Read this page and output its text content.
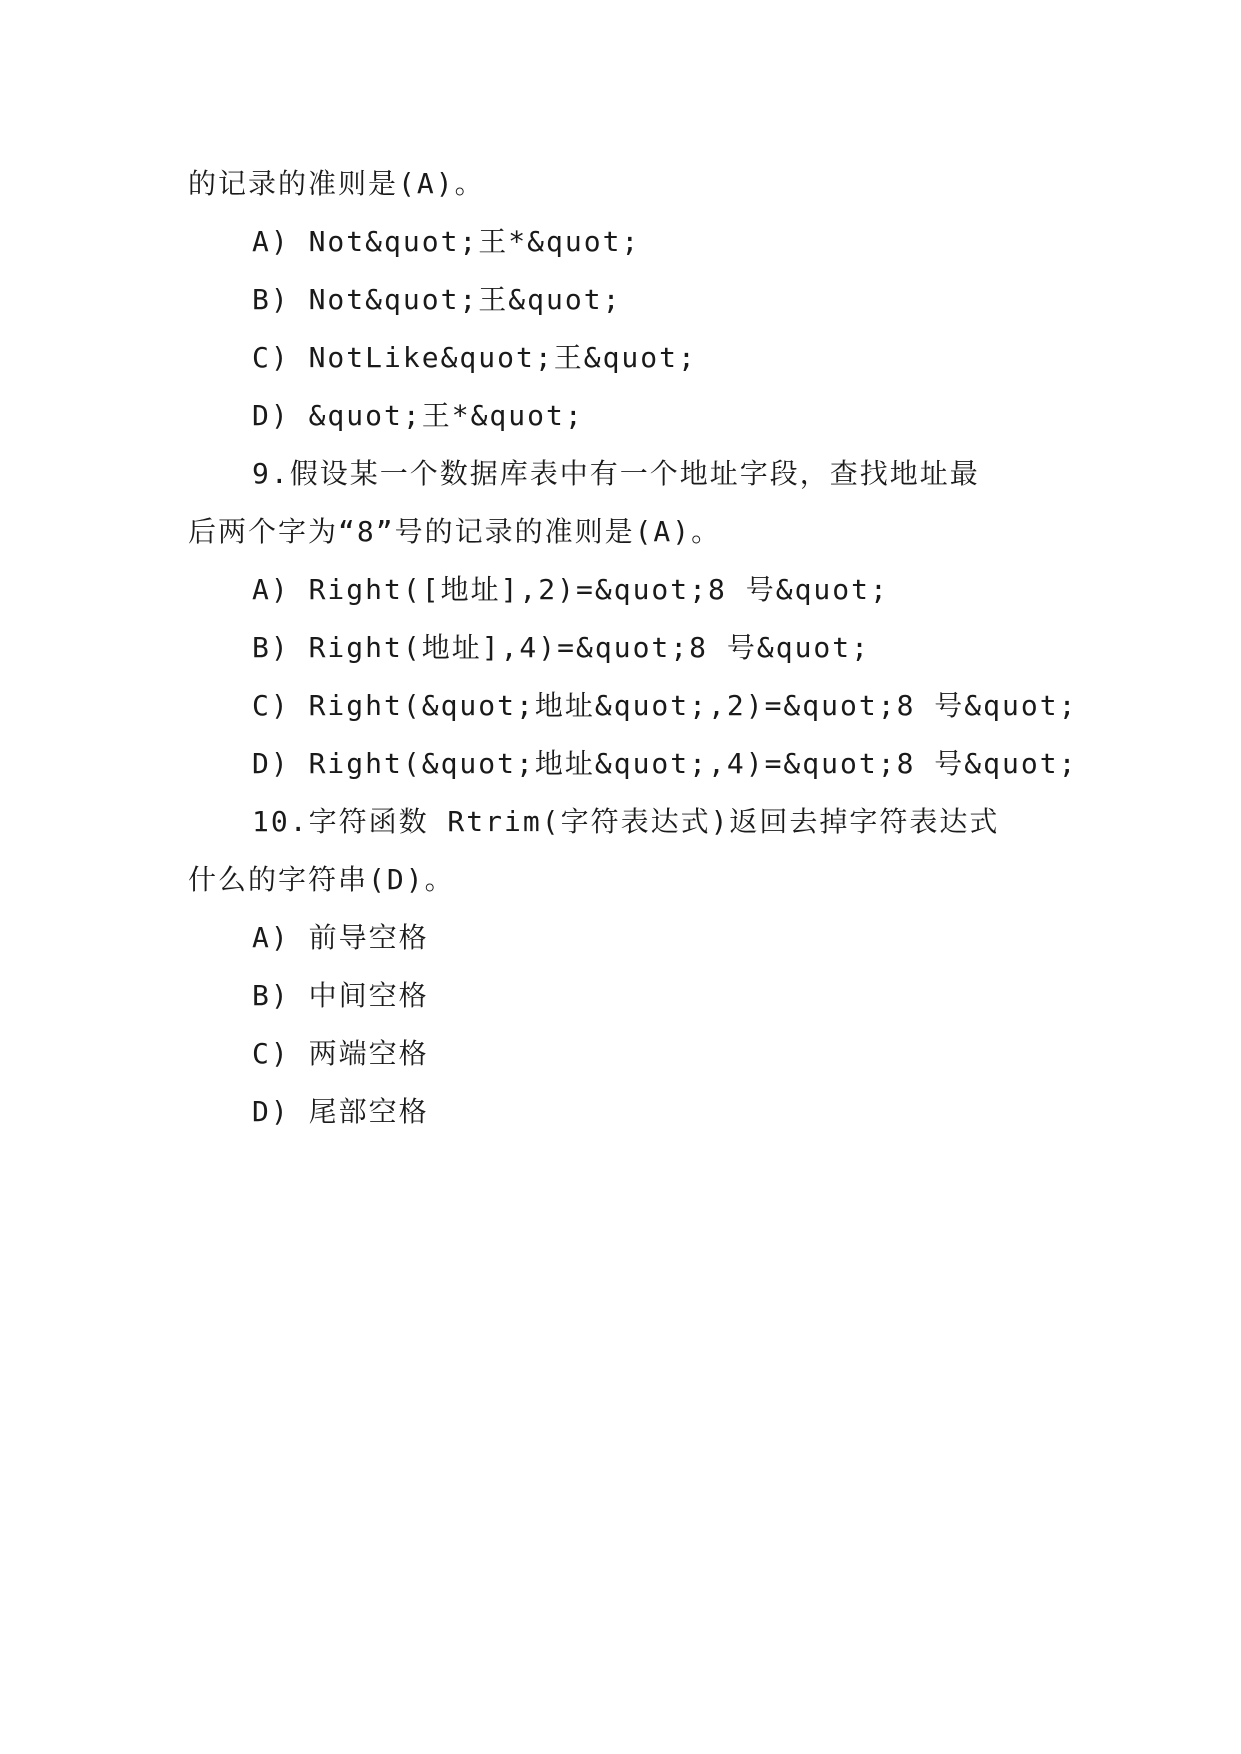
的记录的准则是(A)。
A) Not&quot;王*&quot;
B) Not&quot;王&quot;
C) NotLike&quot;王&quot;
D) &quot;王*&quot;
9.假设某一个数据库表中有一个地址字段，查找地址最
后两个字为“8”号的记录的准则是(A)。
A) Right([地址],2)=&quot;8 号&quot;
B) Right(地址],4)=&quot;8 号&quot;
C) Right(&quot;地址&quot;,2)=&quot;8 号&quot;
D) Right(&quot;地址&quot;,4)=&quot;8 号&quot;
10.字符函数 Rtrim(字符表达式)返回去掉字符表达式
什么的字符串(D)。
A) 前导空格
B) 中间空格
C) 两端空格
D) 尾部空格
